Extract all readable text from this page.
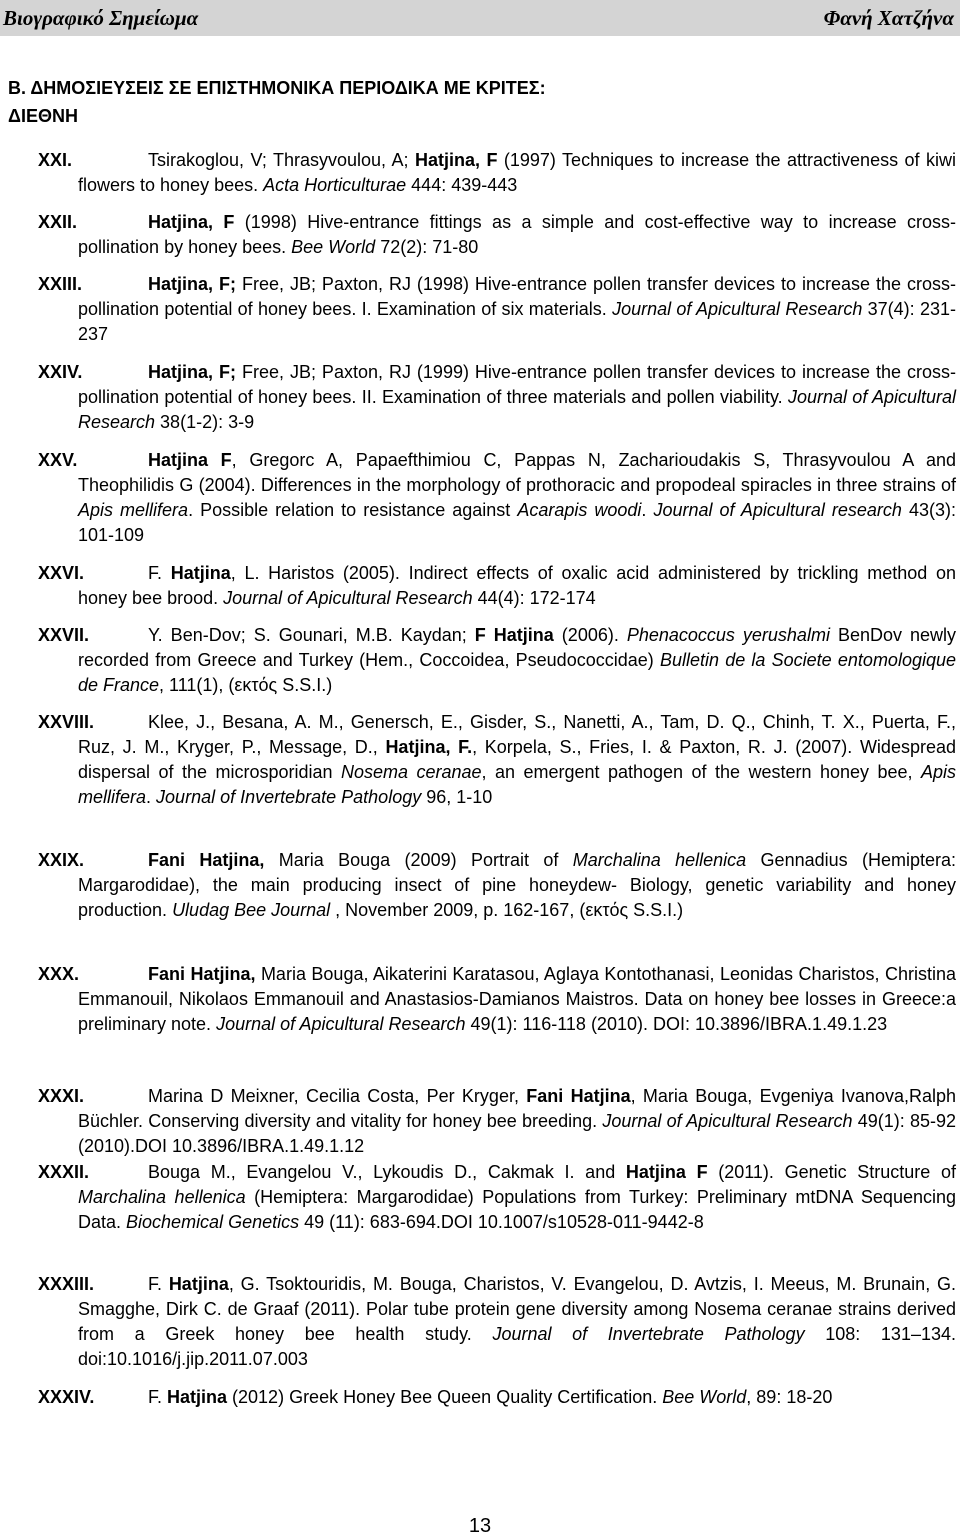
Βιογραφικό Σημείωμα	Φανή Χατζήνα
Β. ΔΗΜΟΣΙΕΥΣΕΙΣ ΣΕ ΕΠΙΣΤΗΜΟΝΙΚΑ ΠΕΡΙΟΔΙΚΑ ΜΕ ΚΡΙΤΕΣ:
ΔΙΕΘΝΗ
XXI.	Tsirakoglou, V; Thrasyvoulou, A; Hatjina, F (1997) Techniques to increase the attractiveness of kiwi flowers to honey bees. Acta Horticulturae 444: 439-443
XXII.	Hatjina, F (1998) Hive-entrance fittings as a simple and cost-effective way to increase cross-pollination by honey bees. Bee World 72(2): 71-80
XXIII.	Hatjina, F; Free, JB; Paxton, RJ (1998) Hive-entrance pollen transfer devices to increase the cross-pollination potential of honey bees. I. Examination of six materials. Journal of Apicultural Research 37(4): 231-237
XXIV.	Hatjina, F; Free, JB; Paxton, RJ (1999) Hive-entrance pollen transfer devices to increase the cross-pollination potential of honey bees. II. Examination of three materials and pollen viability. Journal of Apicultural Research 38(1-2): 3-9
XXV.	Hatjina F, Gregorc A, Papaefthimiou C, Pappas N, Zacharioudakis S, Thrasyvoulou A and Theophilidis G (2004). Differences in the morphology of prothoracic and propodeal spiracles in three strains of Apis mellifera. Possible relation to resistance against Acarapis woodi. Journal of Apicultural research 43(3): 101-109
XXVI.	F. Hatjina, L. Haristos (2005). Indirect effects of oxalic acid administered by trickling method on honey bee brood. Journal of Apicultural Research 44(4): 172-174
XXVII.	Y. Ben-Dov; S. Gounari, M.B. Kaydan; F Hatjina (2006). Phenacoccus yerushalmi BenDov newly recorded from Greece and Turkey (Hem., Coccoidea, Pseudococcidae) Bulletin de la Societe entomologique de France, 111(1), (εκτός S.S.I.)
XXVIII.	Klee, J., Besana, A. M., Genersch, E., Gisder, S., Nanetti, A., Tam, D. Q., Chinh, T. X., Puerta, F., Ruz, J. M., Kryger, P., Message, D., Hatjina, F., Korpela, S., Fries, I. & Paxton, R. J. (2007). Widespread dispersal of the microsporidian Nosema ceranae, an emergent pathogen of the western honey bee, Apis mellifera. Journal of Invertebrate Pathology 96, 1-10
XXIX.	Fani Hatjina, Maria Bouga (2009) Portrait of Marchalina hellenica Gennadius (Hemiptera: Margarodidae), the main producing insect of pine honeydew- Biology, genetic variability and honey production. Uludag Bee Journal , November 2009, p. 162-167, (εκτός S.S.I.)
XXX.	Fani Hatjina, Maria Bouga, Aikaterini Karatasou, Aglaya Kontothanasi, Leonidas Charistos, Christina Emmanouil, Nikolaos Emmanouil and Anastasios-Damianos Maistros. Data on honey bee losses in Greece:a preliminary note. Journal of Apicultural Research 49(1): 116-118 (2010). DOI: 10.3896/IBRA.1.49.1.23
XXXI.	Marina D Meixner, Cecilia Costa, Per Kryger, Fani Hatjina, Maria Bouga, Evgeniya Ivanova,Ralph Büchler. Conserving diversity and vitality for honey bee breeding. Journal of Apicultural Research 49(1): 85-92 (2010).DOI 10.3896/IBRA.1.49.1.12
XXXII.	Bouga M., Evangelou V., Lykoudis D., Cakmak I. and Hatjina F (2011). Genetic Structure of Marchalina hellenica (Hemiptera: Margarodidae) Populations from Turkey: Preliminary mtDNA Sequencing Data. Biochemical Genetics 49 (11): 683-694.DOI 10.1007/s10528-011-9442-8
XXXIII.	F. Hatjina, G. Tsoktouridis, M. Bouga, Charistos, V. Evangelou, D. Avtzis, I. Meeus, M. Brunain, G. Smagghe, Dirk C. de Graaf (2011). Polar tube protein gene diversity among Nosema ceranae strains derived from a Greek honey bee health study. Journal of Invertebrate Pathology 108: 131–134. doi:10.1016/j.jip.2011.07.003
XXXIV.	F. Hatjina (2012) Greek Honey Bee Queen Quality Certification. Bee World, 89: 18-20
13
